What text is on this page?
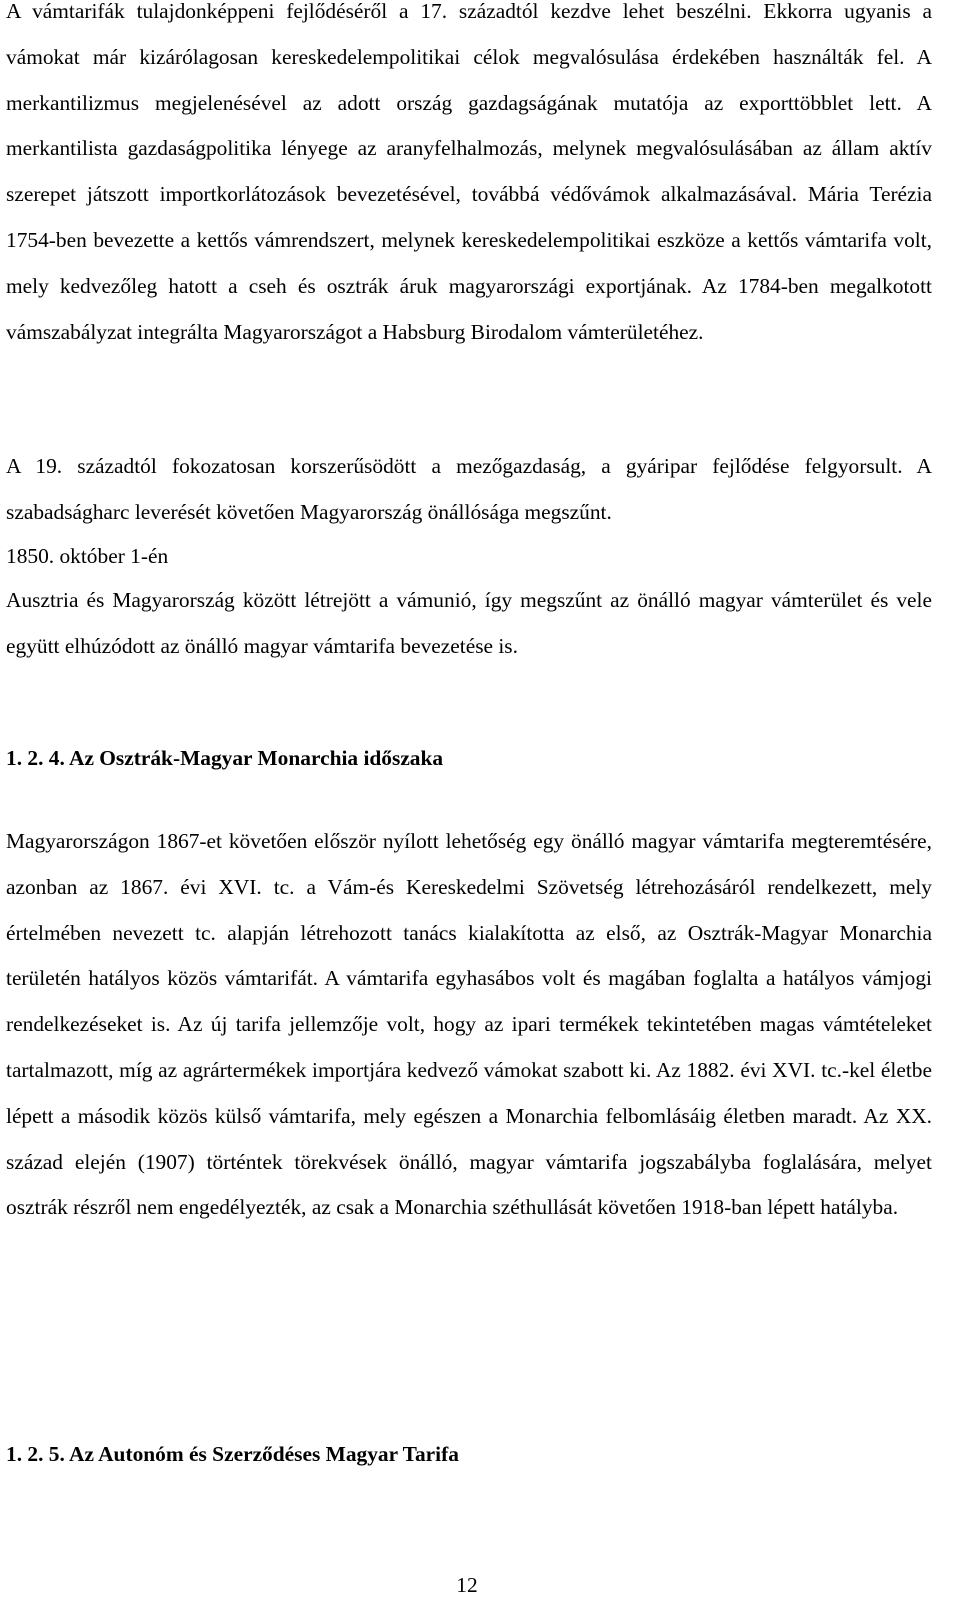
A vámtarifák tulajdonképpeni fejlődéséről a 17. századtól kezdve lehet beszélni. Ekkorra ugyanis a vámokat már kizárólagosan kereskedelempolitikai célok megvalósulása érdekében használták fel. A merkantilizmus megjelenésével az adott ország gazdagságának mutatója az exporttöbblet lett. A merkantilista gazdaságpolitika lényege az aranyfelhalmozás, melynek megvalósulásában az állam aktív szerepet játszott importkorlátozások bevezetésével, továbbá védővámok alkalmazásával. Mária Terézia 1754-ben bevezette a kettős vámrendszert, melynek kereskedelempolitikai eszköze a kettős vámtarifa volt, mely kedvezőleg hatott a cseh és osztrák áruk magyarországi exportjának. Az 1784-ben megalkotott vámszabályzat integrálta Magyarországot a Habsburg Birodalom vámterületéhez.

A 19. századtól fokozatosan korszerűsödött a mezőgazdaság, a gyáripar fejlődése felgyorsult. A szabadságharc leverését követően Magyarország önállósága megszűnt.

1850. október 1-én

Ausztria és Magyarország között létrejött a vámunió, így megszűnt az önálló magyar vámterület és vele együtt elhúzódott az önálló magyar vámtarifa bevezetése is.

1. 2. 4. Az Osztrák-Magyar Monarchia időszaka

Magyarországon 1867-et követően először nyílott lehetőség egy önálló magyar vámtarifa megteremtésére, azonban az 1867. évi XVI. tc. a Vám-és Kereskedelmi Szövetség létrehozásáról rendelkezett, mely értelmében nevezett tc. alapján létrehozott tanács kialakította az első, az Osztrák-Magyar Monarchia területén hatályos közös vámtarifát. A vámtarifa egyhasábos volt és magában foglalta a hatályos vámjogi rendelkezéseket is. Az új tarifa jellemzője volt, hogy az ipari termékek tekintetében magas vámtételeket tartalmazott, míg az agrártermékek importjára kedvező vámokat szabott ki. Az 1882. évi XVI. tc.-kel életbe lépett a második közös külső vámtarifa, mely egészen a Monarchia felbomlásáig életben maradt. Az XX. század elején (1907) történtek törekvések önálló, magyar vámtarifa jogszabályba foglalására, melyet osztrák részről nem engedélyezték, az csak a Monarchia széthullását követően 1918-ban lépett hatályba.

1. 2. 5. Az Autonóm és Szerződéses Magyar Tarifa
12
